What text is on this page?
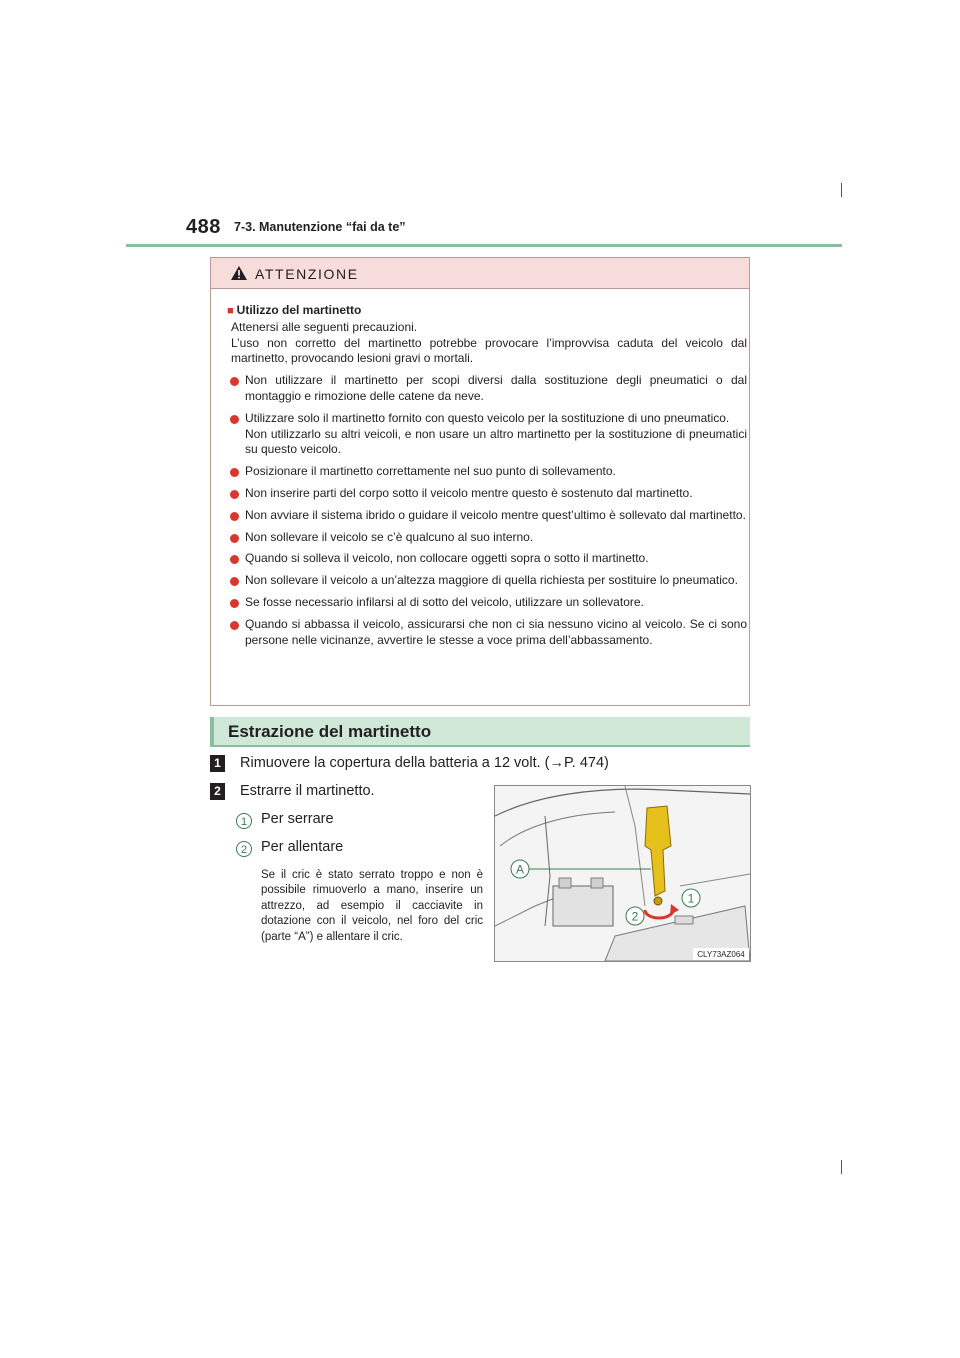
488 7-3. Manutenzione “fai da te”
ATTENZIONE

■ Utilizzo del martinetto

Attenersi alle seguenti precauzioni.

L’uso non corretto del martinetto potrebbe provocare l’improvvisa caduta del veicolo dal martinetto, provocando lesioni gravi o mortali.

Non utilizzare il martinetto per scopi diversi dalla sostituzione degli pneumatici o dal montaggio e rimozione delle catene da neve.

Utilizzare solo il martinetto fornito con questo veicolo per la sostituzione di uno pneumatico.
Non utilizzarlo su altri veicoli, e non usare un altro martinetto per la sostituzione di pneumatici su questo veicolo.

Posizionare il martinetto correttamente nel suo punto di sollevamento.

Non inserire parti del corpo sotto il veicolo mentre questo è sostenuto dal martinetto.

Non avviare il sistema ibrido o guidare il veicolo mentre quest’ultimo è sollevato dal martinetto.

Non sollevare il veicolo se c’è qualcuno al suo interno.

Quando si solleva il veicolo, non collocare oggetti sopra o sotto il martinetto.

Non sollevare il veicolo a un’altezza maggiore di quella richiesta per sostituire lo pneumatico.

Se fosse necessario infilarsi al di sotto del veicolo, utilizzare un sollevatore.

Quando si abbassa il veicolo, assicurarsi che non ci sia nessuno vicino al veicolo. Se ci sono persone nelle vicinanze, avvertire le stesse a voce prima dell’abbassamento.

Estrazione del martinetto
1 Rimuovere la copertura della batteria a 12 volt. (→P. 474)
2 Estrarre il martinetto.
1 Per serrare
2 Per allentare
Se il cric è stato serrato troppo e non è possibile rimuoverlo a mano, inserire un attrezzo, ad esempio il cacciavite in dotazione con il veicolo, nel foro del cric (parte “A”) e allentare il cric.
A
1
2
CLY73AZ064
